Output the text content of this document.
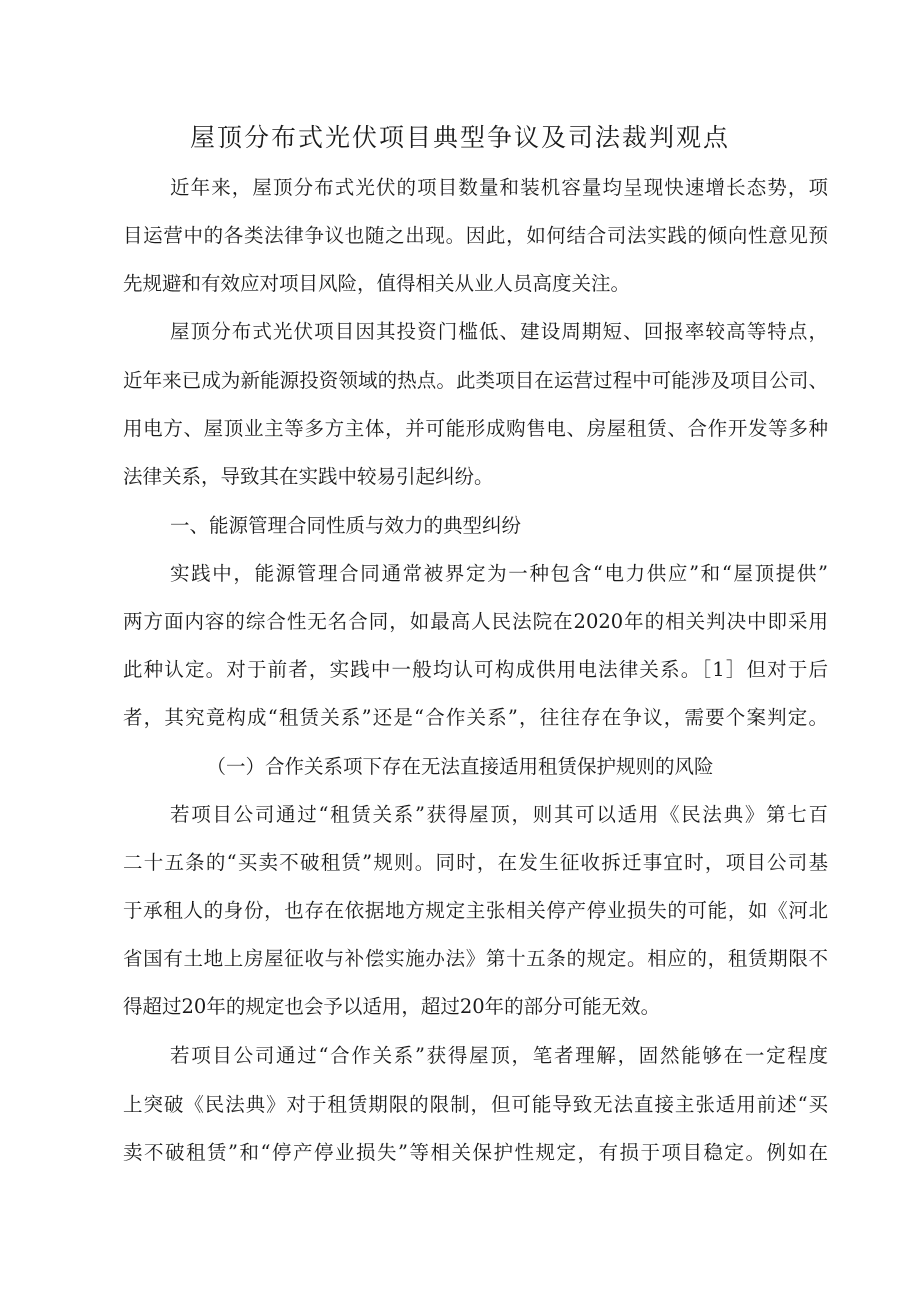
屋顶分布式光伏项目典型争议及司法裁判观点
近年来，屋顶分布式光伏的项目数量和装机容量均呈现快速增长态势，项
目运营中的各类法律争议也随之出现。因此，如何结合司法实践的倾向性意见预
先规避和有效应对项目风险，值得相关从业人员高度关注。
屋顶分布式光伏项目因其投资门槛低、建设周期短、回报率较高等特点，
近年来已成为新能源投资领域的热点。此类项目在运营过程中可能涉及项目公司、
用电方、屋顶业主等多方主体，并可能形成购售电、房屋租赁、合作开发等多种
法律关系，导致其在实践中较易引起纠纷。
一、能源管理合同性质与效力的典型纠纷
实践中，能源管理合同通常被界定为一种包含“电力供应”和“屋顶提供”
两方面内容的综合性无名合同，如最高人民法院在2020年的相关判决中即采用
此种认定。对于前者，实践中一般均认可构成供用电法律关系。［1］但对于后
者，其究竟构成“租赁关系”还是“合作关系”，往往存在争议，需要个案判定。
（一）合作关系项下存在无法直接适用租赁保护规则的风险
若项目公司通过“租赁关系”获得屋顶，则其可以适用《民法典》第七百
二十五条的“买卖不破租赁”规则。同时，在发生征收拆迁事宜时，项目公司基
于承租人的身份，也存在依据地方规定主张相关停产停业损失的可能，如《河北
省国有土地上房屋征收与补偿实施办法》第十五条的规定。相应的，租赁期限不
得超过20年的规定也会予以适用，超过20年的部分可能无效。
若项目公司通过“合作关系”获得屋顶，笔者理解，固然能够在一定程度
上突破《民法典》对于租赁期限的限制，但可能导致无法直接主张适用前述“买
卖不破租赁”和“停产停业损失”等相关保护性规定，有损于项目稳定。例如在
